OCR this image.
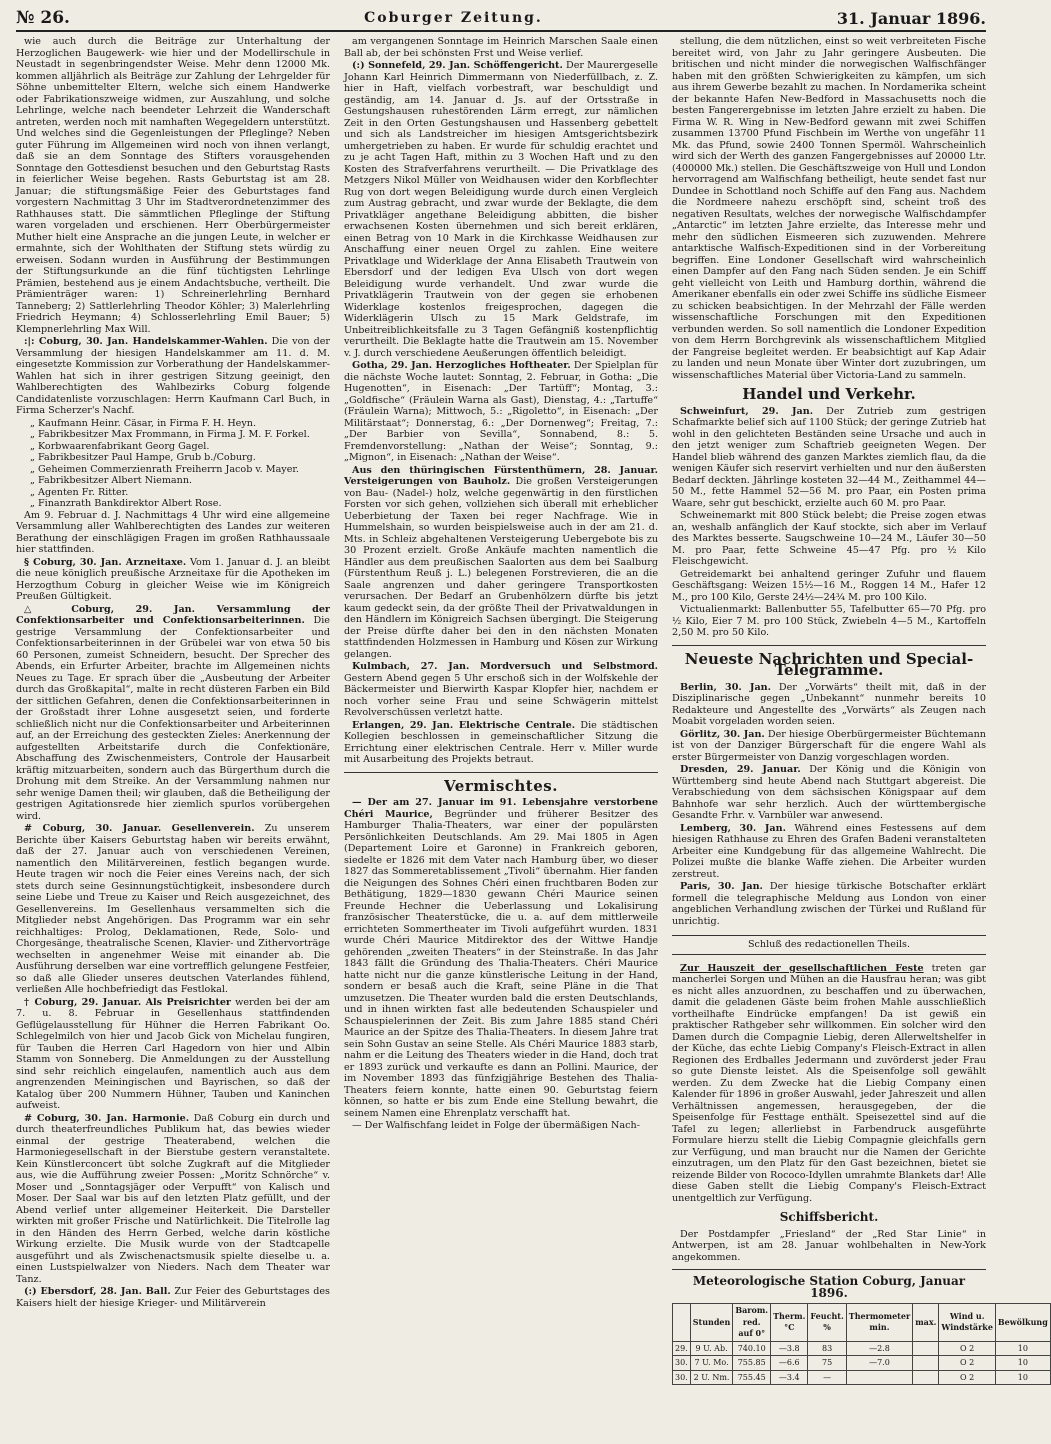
№ 26.	Coburger Zeitung.	31. Januar 1896.

wie auch durch die Beiträge zur Unterhaltung der Herzoglichen Baugewerk- wie hier und der Modellirschule in Neustadt in segenbringendster Weise. Mehr denn 12000 Mk. kommen alljährlich als Beiträge zur Zahlung der Lehrgelder für Söhne unbemittelter Eltern, welche sich einem Handwerke oder Fabrikationszweige widmen, zur Auszahlung, und solche Lehrlinge, welche nach beendeter Lehrzeit die Wanderschaft antreten, werden noch mit namhaften Wegegeldern unterstützt. Und welches sind die Gegenleistungen der Pfleglinge? Neben guter Führung im Allgemeinen wird noch von ihnen verlangt, daß sie an dem Sonntage des Stifters vorausgehenden Sonntage den Gottesdienst besuchen und den Geburtstag Rasts in feierlicher Weise begehen. Rasts Geburtstag ist am 28. Januar; die stiftungsmäßige Feier des Geburtstages fand vorgestern Nachmittag 3 Uhr im Stadtverordnetenzimmer des Rathhauses statt. Die sämmtlichen Pfleglinge der Stiftung waren vorgeladen und erschienen. Herr Oberbürgermeister Muther hielt eine Ansprache an die jungen Leute, in welcher er ermahnte, sich der Wohlthaten der Stiftung stets würdig zu erweisen. Sodann wurden in Ausführung der Bestimmungen der Stiftungsurkunde an die fünf tüchtigsten Lehrlinge Prämien, bestehend aus je einem Andachtsbuche, vertheilt. Die Prämienträger waren: 1) Schreinerlehrling Bernhard Tanneberg; 2) Sattlerlehrling Theodor Köhler; 3) Malerlehrling Friedrich Heymann; 4) Schlosserlehrling Emil Bauer; 5) Klempnerlehrling Max Will.

:|: Coburg, 30. Jan. Handelskammer-Wahlen. Die von der Versammlung der hiesigen Handelskammer am 11. d. M. eingesetzte Kommission zur Vorberathung der Handelskammer-Wahlen hat sich in ihrer gestrigen Sitzung geeinigt, den Wahlberechtigten des Wahlbezirks Coburg folgende Candidatenliste vorzuschlagen: Herrn Kaufmann Carl Buch, in Firma Scherzer's Nachf.

„ Kaufmann Heinr. Cäsar, in Firma F. H. Heyn.
„ Fabrikbesitzer Max Frommann, in Firma J. M. F. Forkel.
„ Korbwaarenfabrikant Georg Gagel.
„ Fabrikbesitzer Paul Hampe, Grub b./Coburg.
„ Geheimen Commerzienrath Freiherrn Jacob v. Mayer.
„ Fabrikbesitzer Albert Niemann.
„ Agenten Fr. Ritter.
„ Finanzrath Bankdirektor Albert Rose.

Am 9. Februar d. J. Nachmittags 4 Uhr wird eine allgemeine Versammlung aller Wahlberechtigten des Landes zur weiteren Berathung der einschlägigen Fragen im großen Rathhaussaale hier stattfinden.

§ Coburg, 30. Jan. Arzneitaxe. Vom 1. Januar d. J. an bleibt die neue königlich preußische Arzneitaxe für die Apotheken im Herzogthum Coburg in gleicher Weise wie im Königreich Preußen Gültigkeit.

△ Coburg, 29. Jan. Versammlung der Confektionsarbeiter und Confektionsarbeiterinnen. Die gestrige Versammlung der Confektionsarbeiter und Confektionsarbeiterinnen in der Grübelei war von etwa 50 bis 60 Personen, zumeist Schneidern, besucht. Der Sprecher des Abends, ein Erfurter Arbeiter, brachte im Allgemeinen nichts Neues zu Tage. Er sprach über die „Ausbeutung der Arbeiter durch das Großkapital“, malte in recht düsteren Farben ein Bild der sittlichen Gefahren, denen die Confektionsarbeiterinnen in der Großstadt ihrer Lohne ausgesetzt seien, und forderte schließlich nicht nur die Confektionsarbeiter und Arbeiterinnen auf, an der Erreichung des gesteckten Zieles: Anerkennung der aufgestellten Arbeitstarife durch die Confektionäre, Abschaffung des Zwischenmeisters, Controle der Hausarbeit kräftig mitzuarbeiten, sondern auch das Bürgerthum durch die Drohung mit dem Streike. An der Versammlung nahmen nur sehr wenige Damen theil; wir glauben, daß die Betheiligung der gestrigen Agitationsrede hier ziemlich spurlos vorübergehen wird.

# Coburg, 30. Januar. Gesellenverein. Zu unserem Berichte über Kaisers Geburtstag haben wir bereits erwähnt, daß der 27. Januar auch von verschiedenen Vereinen, namentlich den Militärvereinen, festlich begangen wurde. Heute tragen wir noch die Feier eines Vereins nach, der sich stets durch seine Gesinnungstüchtigkeit, insbesondere durch seine Liebe und Treue zu Kaiser und Reich ausgezeichnet, des Gesellenvereins. Im Gesellenhaus versammelten sich die Mitglieder nebst Angehörigen. Das Programm war ein sehr reichhaltiges: Prolog, Deklamationen, Rede, Solo- und Chorgesänge, theatralische Scenen, Klavier- und Zithervorträge wechselten in angenehmer Weise mit einander ab. Die Ausführung derselben war eine vortrefflich gelungene Festfeier, so daß alle Glieder unseres deutschen Vaterlandes fühlend, verließen Alle hochbefriedigt das Festlokal.

† Coburg, 29. Januar. Als Preisrichter werden bei der am 7. u. 8. Februar in Gesellenhaus stattfindenden Geflügelausstellung für Hühner die Herren Fabrikant Oo. Schlegelmilch von hier und Jacob Gick von Michelau fungiren, für Tauben die Herren Carl Hagedorn von hier und Albin Stamm von Sonneberg. Die Anmeldungen zu der Ausstellung sind sehr reichlich eingelaufen, namentlich auch aus dem angrenzenden Meiningischen und Bayrischen, so daß der Katalog über 200 Nummern Hühner, Tauben und Kaninchen aufweist.

# Coburg, 30. Jan. Harmonie. Daß Coburg ein durch und durch theaterfreundliches Publikum hat, das bewies wieder einmal der gestrige Theaterabend, welchen die Harmoniegesellschaft in der Bierstube gestern veranstaltete. Kein Künstlerconcert übt solche Zugkraft auf die Mitglieder aus, wie die Aufführung zweier Possen: „Moritz Schnörche“ v. Moser und „Sonntagsjäger oder Verpufft“ von Kalisch und Moser. Der Saal war bis auf den letzten Platz gefüllt, und der Abend verlief unter allgemeiner Heiterkeit. Die Darsteller wirkten mit großer Frische und Natürlichkeit. Die Titelrolle lag in den Händen des Herrn Gerbed, welche darin köstliche Wirkung erzielte. Die Musik wurde von der Stadtcapelle ausgeführt und als Zwischenactsmusik spielte dieselbe u. a. einen Lustspielwalzer von Nieders. Nach dem Theater war Tanz.

(:) Ebersdorf, 28. Jan. Ball. Zur Feier des Geburtstages des Kaisers hielt der hiesige Krieger- und Militärverein

am vergangenen Sonntage im Heinrich Marschen Saale einen Ball ab, der bei schönsten Frst und Weise verlief.

(:) Sonnefeld, 29. Jan. Schöffengericht. Der Maurergeselle Johann Karl Heinrich Dimmermann von Niederfüllbach, z. Z. hier in Haft, vielfach vorbestraft, war beschuldigt und geständig, am 14. Januar d. Js. auf der Ortsstraße in Gestungshausen ruhestörenden Lärm erregt, zur nämlichen Zeit in den Orten Gestungshausen und Hassenberg gebettelt und sich als Landstreicher im hiesigen Amtsgerichtsbezirk umhergetrieben zu haben. Er wurde für schuldig erachtet und zu je acht Tagen Haft, mithin zu 3 Wochen Haft und zu den Kosten des Strafverfahrens verurtheilt. — Die Privatklage des Metzgers Nikol Müller von Weidhausen wider den Korbflechter Rug von dort wegen Beleidigung wurde durch einen Vergleich zum Austrag gebracht, und zwar wurde der Beklagte, die dem Privatkläger angethane Beleidigung abbitten, die bisher erwachsenen Kosten übernehmen und sich bereit erklären, einen Betrag von 10 Mark in die Kirchkasse Weidhausen zur Anschaffung einer neuen Orgel zu zahlen. Eine weitere Privatklage und Widerklage der Anna Elisabeth Trautwein von Ebersdorf und der ledigen Eva Ulsch von dort wegen Beleidigung wurde verhandelt. Und zwar wurde die Privatklägerin Trautwein von der gegen sie erhobenen Widerklage kostenlos freigesprochen, dagegen die Widerklägerin Ulsch zu 15 Mark Geldstrafe, im Unbeitreiblichkeitsfalle zu 3 Tagen Gefängniß kostenpflichtig verurtheilt. Die Beklagte hatte die Trautwein am 15. November v. J. durch verschiedene Aeußerungen öffentlich beleidigt.

Gotha, 29. Jan. Herzogliches Hoftheater. Der Spielplan für die nächste Woche lautet: Sonntag, 2. Februar, in Gotha: „Die Hugenotten“, in Eisenach: „Der Tartüff“; Montag, 3.: „Goldfische“ (Fräulein Warna als Gast), Dienstag, 4.: „Tartuffe“ (Fräulein Warna); Mittwoch, 5.: „Rigoletto“, in Eisenach: „Der Militärstaat“; Donnerstag, 6.: „Der Dornenweg“; Freitag, 7.: „Der Barbier von Sevilla“, Sonnabend, 8.: 5. Fremdenvorstellung: „Nathan der Weise“; Sonntag, 9.: „Mignon“, in Eisenach: „Nathan der Weise“.

Aus den thüringischen Fürstenthümern, 28. Januar. Versteigerungen von Bauholz. Die großen Versteigerungen von Bau- (Nadel-) holz, welche gegenwärtig in den fürstlichen Forsten vor sich gehen, vollziehen sich überall mit erheblicher Ueberbietung der Taxen bei reger Nachfrage. Wie in Hummelshain, so wurden beispielsweise auch in der am 21. d. Mts. in Schleiz abgehaltenen Versteigerung Uebergebote bis zu 30 Prozent erzielt. Große Ankäufe machten namentlich die Händler aus dem preußischen Saalorten aus dem bei Saalburg (Fürstenthum Reuß j. L.) belegenen Forstrevieren, die an die Saale angrenzen und daher geringere Transportkosten verursachen. Der Bedarf an Grubenhölzern dürfte bis jetzt kaum gedeckt sein, da der größte Theil der Privatwaldungen in den Händlern im Königreich Sachsen übergingt. Die Steigerung der Preise dürfte daher bei den in den nächsten Monaten stattfindenden Holzmessen in Hamburg und Kösen zur Wirkung gelangen.

Kulmbach, 27. Jan. Mordversuch und Selbstmord. Gestern Abend gegen 5 Uhr erschoß sich in der Wolfskehle der Bäckermeister und Bierwirth Kaspar Klopfer hier, nachdem er noch vorher seine Frau und seine Schwägerin mittelst Revolverschüssen verletzt hatte.

Erlangen, 29. Jan. Elektrische Centrale. Die städtischen Kollegien beschlossen in gemeinschaftlicher Sitzung die Errichtung einer elektrischen Centrale. Herr v. Miller wurde mit Ausarbeitung des Projekts betraut.

Vermischtes.

— Der am 27. Januar im 91. Lebensjahre verstorbene Chéri Maurice, Begründer und früherer Besitzer des Hamburger Thalia-Theaters, war einer der populärsten Persönlichkeiten Deutschlands. Am 29. Mai 1805 in Agen (Departement Loire et Garonne) in Frankreich geboren, siedelte er 1826 mit dem Vater nach Hamburg über, wo dieser 1827 das Sommeretablissement „Tivoli“ übernahm. Hier fanden die Neigungen des Sohnes Chéri einen fruchtbaren Boden zur Bethätigung, 1829—1830 gewann Chéri Maurice seinen Freunde Hechner die Ueberlassung und Lokalisirung französischer Theaterstücke, die u. a. auf dem mittlerweile errichteten Sommertheater im Tivoli aufgeführt wurden. 1831 wurde Chéri Maurice Mitdirektor des der Wittwe Handje gehörenden „zweiten Theaters“ in der Steinstraße. In das Jahr 1843 fällt die Gründung des Thalia-Theaters. Chéri Maurice hatte nicht nur die ganze künstlerische Leitung in der Hand, sondern er besaß auch die Kraft, seine Pläne in die That umzusetzen. Die Theater wurden bald die ersten Deutschlands, und in ihnen wirkten fast alle bedeutenden Schauspieler und Schauspielerinnen der Zeit. Bis zum Jahre 1885 stand Chéri Maurice an der Spitze des Thalia-Theaters. In diesem Jahre trat sein Sohn Gustav an seine Stelle. Als Chéri Maurice 1883 starb, nahm er die Leitung des Theaters wieder in die Hand, doch trat er 1893 zurück und verkaufte es dann an Pollini. Maurice, der im November 1893 das fünfzigjährige Bestehen des Thalia-Theaters feiern konnte, hatte einen 90. Geburtstag feiern können, so hatte er bis zum Ende eine Stellung bewahrt, die seinem Namen eine Ehrenplatz verschafft hat.

— Der Walfischfang leidet in Folge der übermäßigen Nach-

stellung, die dem nützlichen, einst so weit verbreiteten Fische bereitet wird, von Jahr zu Jahr geringere Ausbeuten. Die britischen und nicht minder die norwegischen Walfischfänger haben mit den größten Schwierigkeiten zu kämpfen, um sich aus ihrem Gewerbe bezahlt zu machen. In Nordamerika scheint der bekannte Hafen New-Bedford in Massachusetts noch die besten Fangerergebnisse im letzten Jahre erzielt zu haben. Die Firma W. R. Wing in New-Bedford gewann mit zwei Schiffen zusammen 13700 Pfund Fischbein im Werthe von ungefähr 11 Mk. das Pfund, sowie 2400 Tonnen Spermöl. Wahrscheinlich wird sich der Werth des ganzen Fangergebnisses auf 20000 Ltr. (400000 Mk.) stellen. Die Geschäftszweige von Hull und London hervorragend am Walfischfang betheiligt, heute sendet fast nur Dundee in Schottland noch Schiffe auf den Fang aus. Nachdem die Nordmeere nahezu erschöpft sind, scheint troß des negativen Resultats, welches der norwegische Walfischdampfer „Antarctic“ im letzten Jahre erzielte, das Interesse mehr und mehr den südlichen Eismeeren sich zuzuwenden. Mehrere antarktische Walfisch-Expeditionen sind in der Vorbereitung begriffen. Eine Londoner Gesellschaft wird wahrscheinlich einen Dampfer auf den Fang nach Süden senden. Je ein Schiff geht vielleicht von Leith und Hamburg dorthin, während die Amerikaner ebenfalls ein oder zwei Schiffe ins südliche Eismeer zu schicken beabsichtigen. In der Mehrzahl der Fälle werden wissenschaftliche Forschungen mit den Expeditionen verbunden werden. So soll namentlich die Londoner Expedition von dem Herrn Borchgrevink als wissenschaftlichem Mitglied der Fangreise begleitet werden. Er beabsichtigt auf Kap Adair zu landen und neun Monate über Winter dort zuzubringen, um wissenschaftliches Material über Victoria-Land zu sammeln.

Handel und Verkehr.

Schweinfurt, 29. Jan. Der Zutrieb zum gestrigen Schafmarkte belief sich auf 1100 Stück; der geringe Zutrieb hat wohl in den gelichteten Beständen seine Ursache und auch in den jetzt weniger zum Schaftrieb geeigneten Wegen. Der Handel blieb während des ganzen Marktes ziemlich flau, da die wenigen Käufer sich reservirt verhielten und nur den äußersten Bedarf deckten. Jährlinge kosteten 32—44 M., Zeithammel 44—50 M., fette Hammel 52—56 M. pro Paar, ein Posten prima Waare, sehr gut beschickt, erzielte auch 60 M. pro Paar.

Schweinemarkt mit 800 Stück belebt; die Preise zogen etwas an, weshalb anfänglich der Kauf stockte, sich aber im Verlauf des Marktes besserte. Saugschweine 10—24 M., Läufer 30—50 M. pro Paar, fette Schweine 45—47 Pfg. pro ½ Kilo Fleischgewicht.

Getreidemarkt bei anhaltend geringer Zufuhr und flauem Geschäftsgang: Weizen 15½—16 M., Roggen 14 M., Hafer 12 M., pro 100 Kilo, Gerste 24½—24¾ M. pro 100 Kilo.

Victualienmarkt: Ballenbutter 55, Tafelbutter 65—70 Pfg. pro ½ Kilo, Eier 7 M. pro 100 Stück, Zwiebeln 4—5 M., Kartoffeln 2,50 M. pro 50 Kilo.

Neueste Nachrichten und Special-Telegramme.

Berlin, 30. Jan. Der „Vorwärts“ theilt mit, daß in der Disziplinarische gegen „Unbekannt“ nunmehr bereits 10 Redakteure und Angestellte des „Vorwärts“ als Zeugen nach Moabit vorgeladen worden seien.

Görlitz, 30. Jan. Der hiesige Oberbürgermeister Büchtemann ist von der Danziger Bürgerschaft für die engere Wahl als erster Bürgermeister von Danzig vorgeschlagen worden.

Dresden, 29. Januar. Der König und die Königin von Württemberg sind heute Abend nach Stuttgart abgereist. Die Verabschiedung von dem sächsischen Königspaar auf dem Bahnhofe war sehr herzlich. Auch der württembergische Gesandte Frhr. v. Varnbüler war anwesend.

Lemberg, 30. Jan. Während eines Festessens auf dem hiesigen Rathhause zu Ehren des Grafen Badeni veranstalteten Arbeiter eine Kundgebung für das allgemeine Wahlrecht. Die Polizei mußte die blanke Waffe ziehen. Die Arbeiter wurden zerstreut.

Paris, 30. Jan. Der hiesige türkische Botschafter erklärt formell die telegraphische Meldung aus London von einer angeblichen Verhandlung zwischen der Türkei und Rußland für unrichtig.

Schluß des redactionellen Theils.

Zur Hauszeit der gesellschaftlichen Feste treten gar mancherlei Sorgen und Mühen an die Hausfrau heran; was gibt es nicht alles anzuordnen, zu beschaffen und zu überwachen, damit die geladenen Gäste beim frohen Mahle ausschließlich vortheilhafte Eindrücke empfangen! Da ist gewiß ein praktischer Rathgeber sehr willkommen. Ein solcher wird den Damen durch die Compagnie Liebig, deren Allerweltshelfer in der Küche, das echte Liebig Company's Fleisch-Extract in allen Regionen des Erdballes Jedermann und zuvörderst jeder Frau so gute Dienste leistet. Als die Speisenfolge soll gewählt werden. Zu dem Zwecke hat die Liebig Company einen Kalender für 1896 in großer Auswahl, jeder Jahreszeit und allen Verhältnissen angemessen, herausgegeben, der die Speisenfolge für Festtage enthält. Speisezettel sind auf die Tafel zu legen; allerliebst in Farbendruck ausgeführte Formulare hierzu stellt die Liebig Compagnie gleichfalls gern zur Verfügung, und man braucht nur die Namen der Gerichte einzutragen, um den Platz für den Gast bezeichnen, bietet sie reizende Bilder von Rococo-Idyllen umrahmte Blankets dar! Alle diese Gaben stellt die Liebig Company's Fleisch-Extract unentgeltlich zur Verfügung.

Schiffsbericht.

Der Postdampfer „Friesland“ der „Red Star Linie“ in Antwerpen, ist am 28. Januar wohlbehalten in New-York angekommen.

Meteorologische Station Coburg, Januar 1896.
	Stunden	Barom. red. auf 0°	Therm. °C	Feucht. %	Thermometer min.	max.	Wind u. Windstärke	Bewölkung
29.	9 U. Ab.	740.10	—3.8	83	—2.8		O 2	10
30.	7 U. Mo.	755.85	—6.6	75	—7.0		O 2	10
30.	2 U. Nm.	755.45	—3.4	—			O 2	10
